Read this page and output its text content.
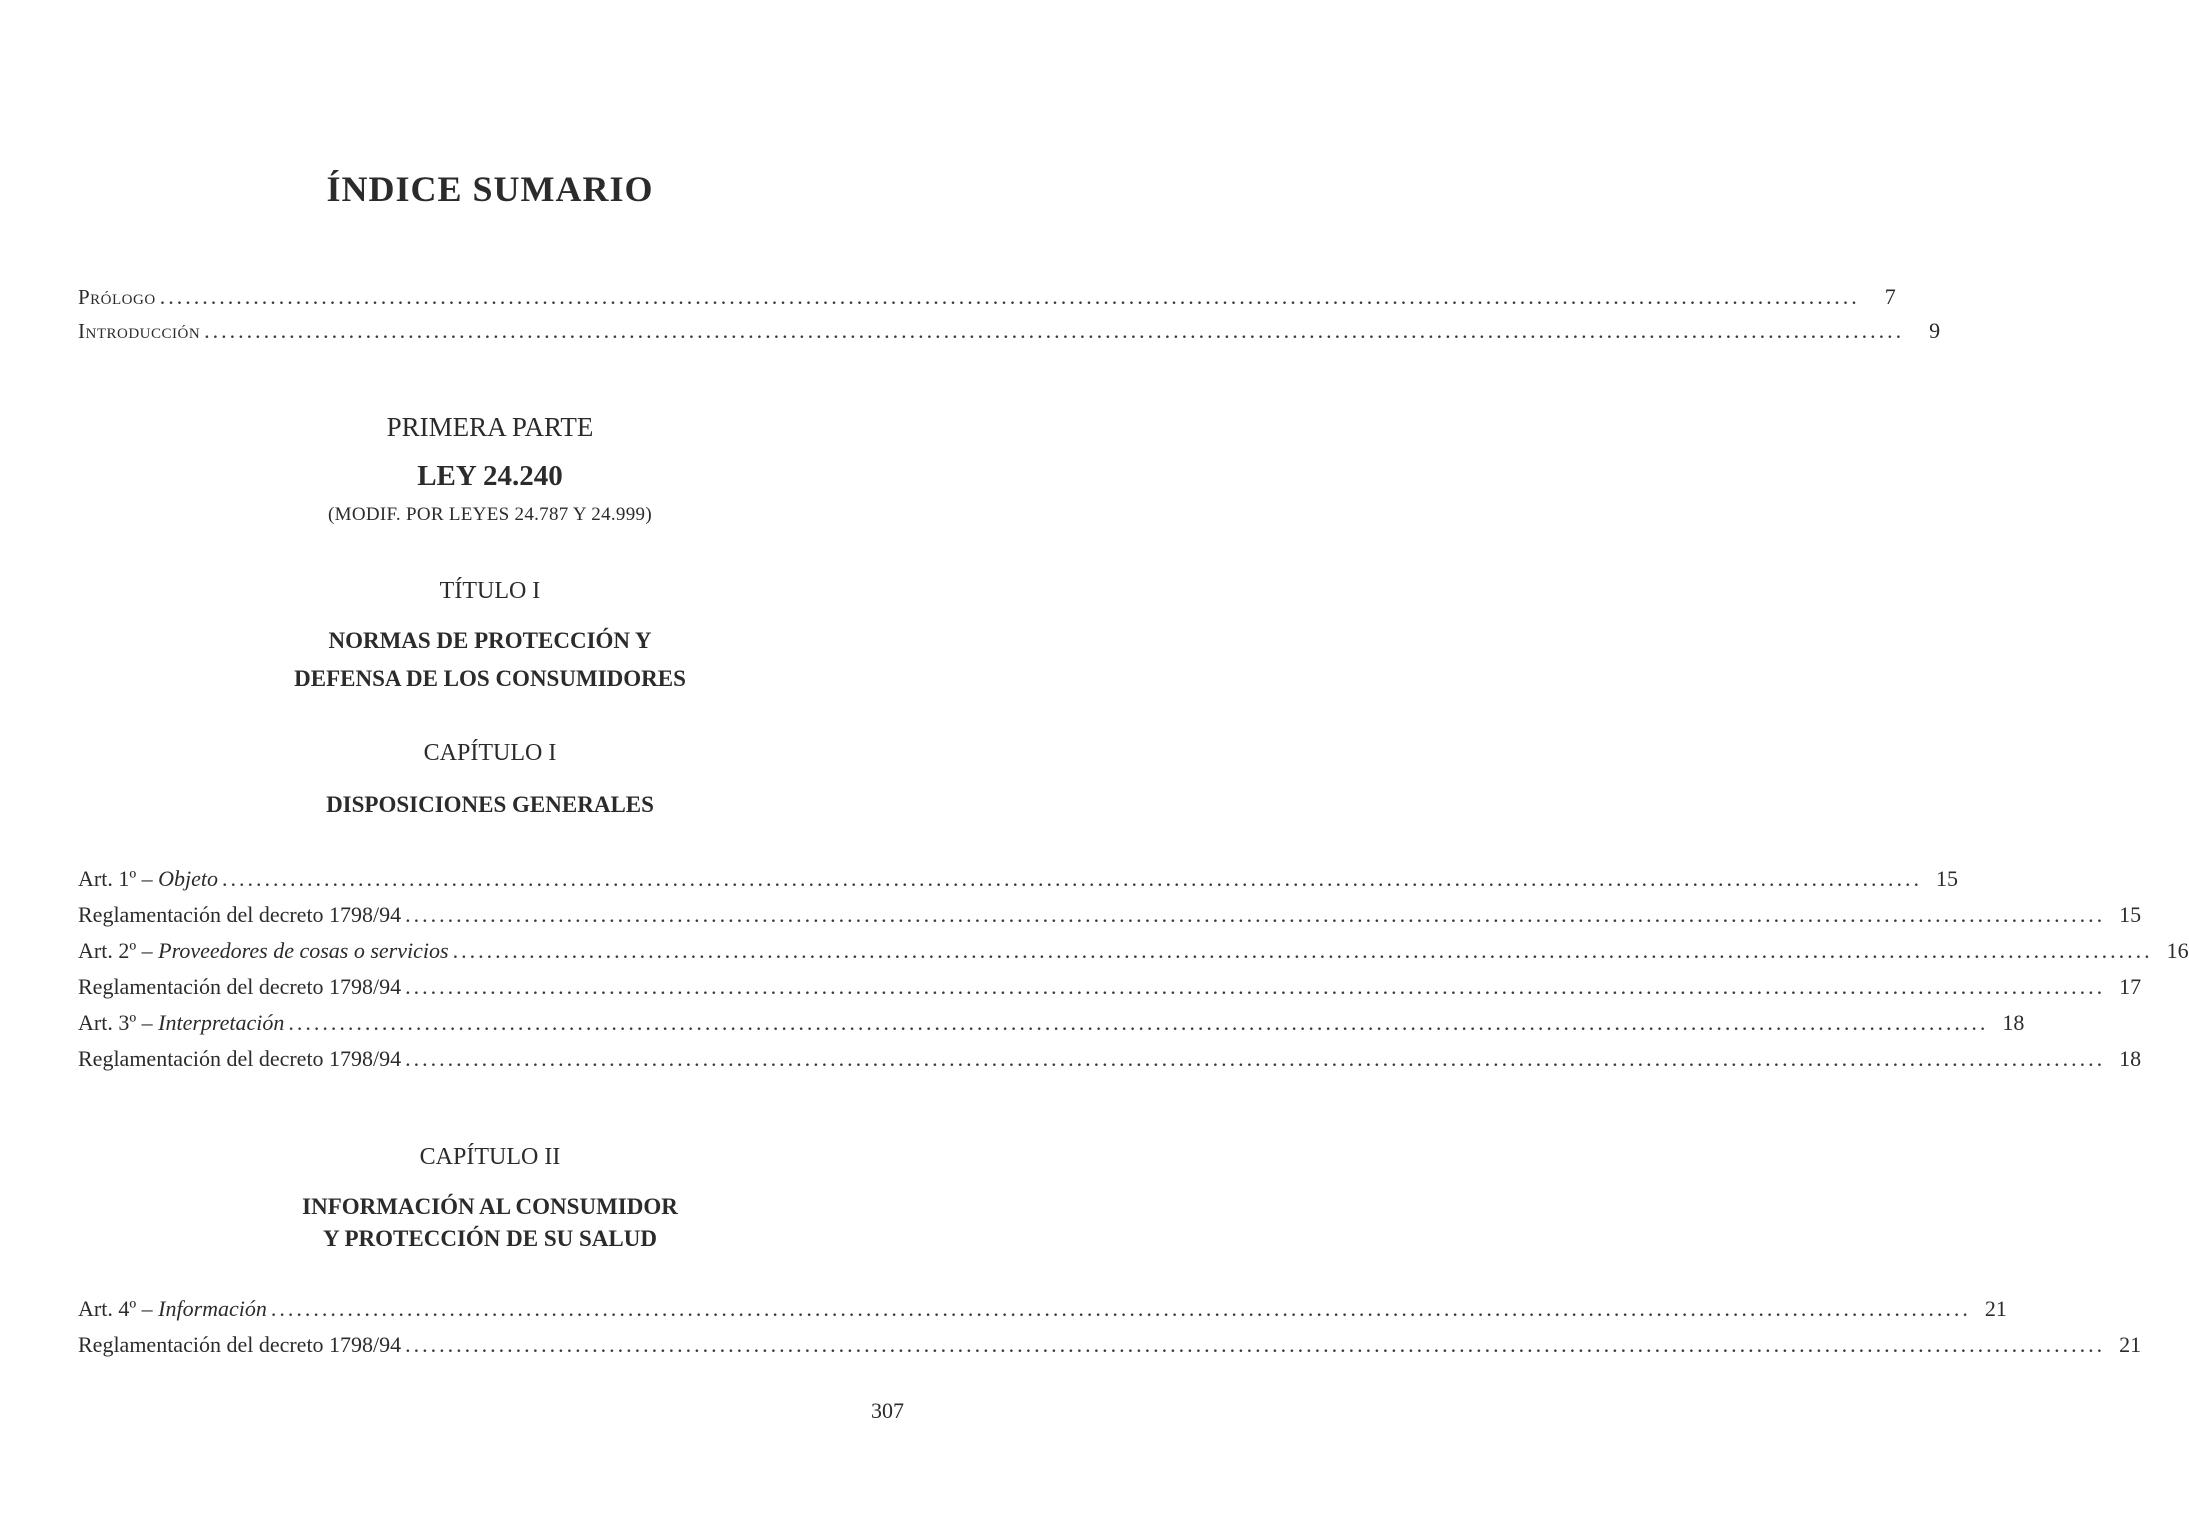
ÍNDICE SUMARIO
Prólogo ........................................................................................................................................................................................................	7
Introducción ........................................................................................................................................................................................................	9
PRIMERA PARTE
LEY 24.240
(MODIF. POR LEYES 24.787 Y 24.999)
TÍTULO I
NORMAS DE PROTECCIÓN Y
DEFENSA DE LOS CONSUMIDORES
CAPÍTULO I
DISPOSICIONES GENERALES
Art. 1º – Objeto ........................................................................................................................................................................................................ 15
Reglamentación del decreto 1798/94 ........................................................................................................................................................................................................ 15
Art. 2º – Proveedores de cosas o servicios ........................................................................................................................................................................................................ 16
Reglamentación del decreto 1798/94 ........................................................................................................................................................................................................ 17
Art. 3º – Interpretación ........................................................................................................................................................................................................ 18
Reglamentación del decreto 1798/94 ........................................................................................................................................................................................................ 18
CAPÍTULO II
INFORMACIÓN AL CONSUMIDOR
Y PROTECCIÓN DE SU SALUD
Art. 4º – Información ........................................................................................................................................................................................................ 21
Reglamentación del decreto 1798/94 ........................................................................................................................................................................................................ 21
307
